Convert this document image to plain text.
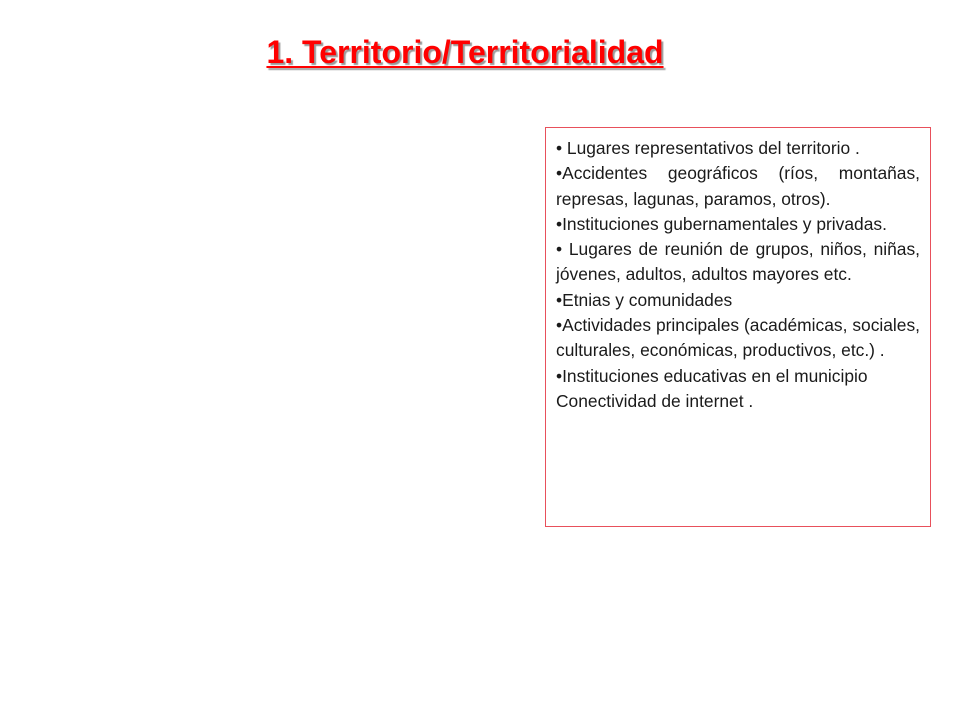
1. Territorio/Territorialidad

• Lugares representativos del territorio .

•Accidentes geográficos (ríos, montañas, represas, lagunas, paramos, otros).

•Instituciones gubernamentales y privadas.

• Lugares de reunión de grupos, niños, niñas, jóvenes, adultos, adultos mayores etc.

•Etnias y comunidades

•Actividades principales (académicas, sociales, culturales, económicas, productivos, etc.) .

•Instituciones educativas en el municipio

Conectividad de internet .
